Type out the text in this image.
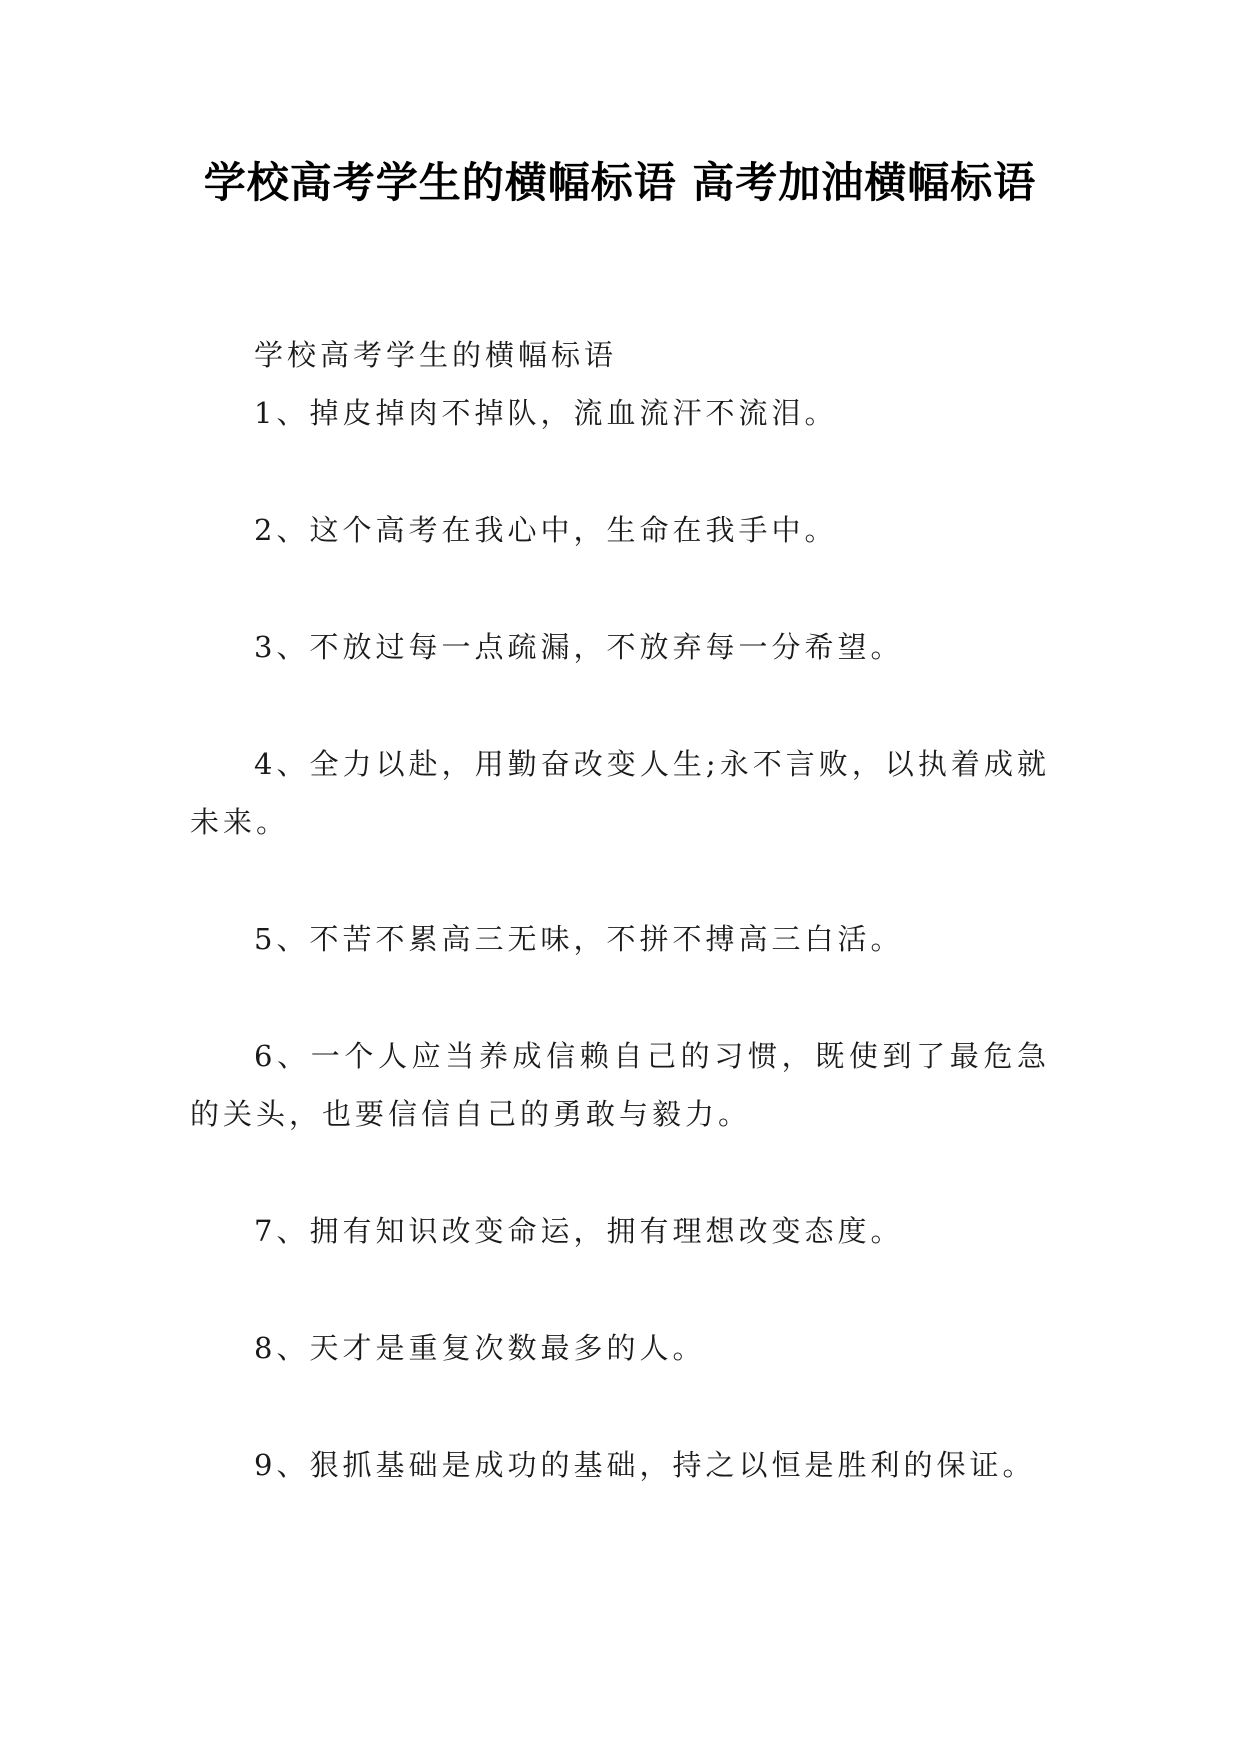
学校高考学生的横幅标语 高考加油横幅标语

学校高考学生的横幅标语

1、掉皮掉肉不掉队，流血流汗不流泪。
2、这个高考在我心中，生命在我手中。
3、不放过每一点疏漏，不放弃每一分希望。
4、全力以赴，用勤奋改变人生;永不言败，以执着成就未来。
5、不苦不累高三无味，不拼不搏高三白活。
6、一个人应当养成信赖自己的习惯，既使到了最危急的关头，也要信信自己的勇敢与毅力。
7、拥有知识改变命运，拥有理想改变态度。
8、天才是重复次数最多的人。
9、狠抓基础是成功的基础，持之以恒是胜利的保证。
